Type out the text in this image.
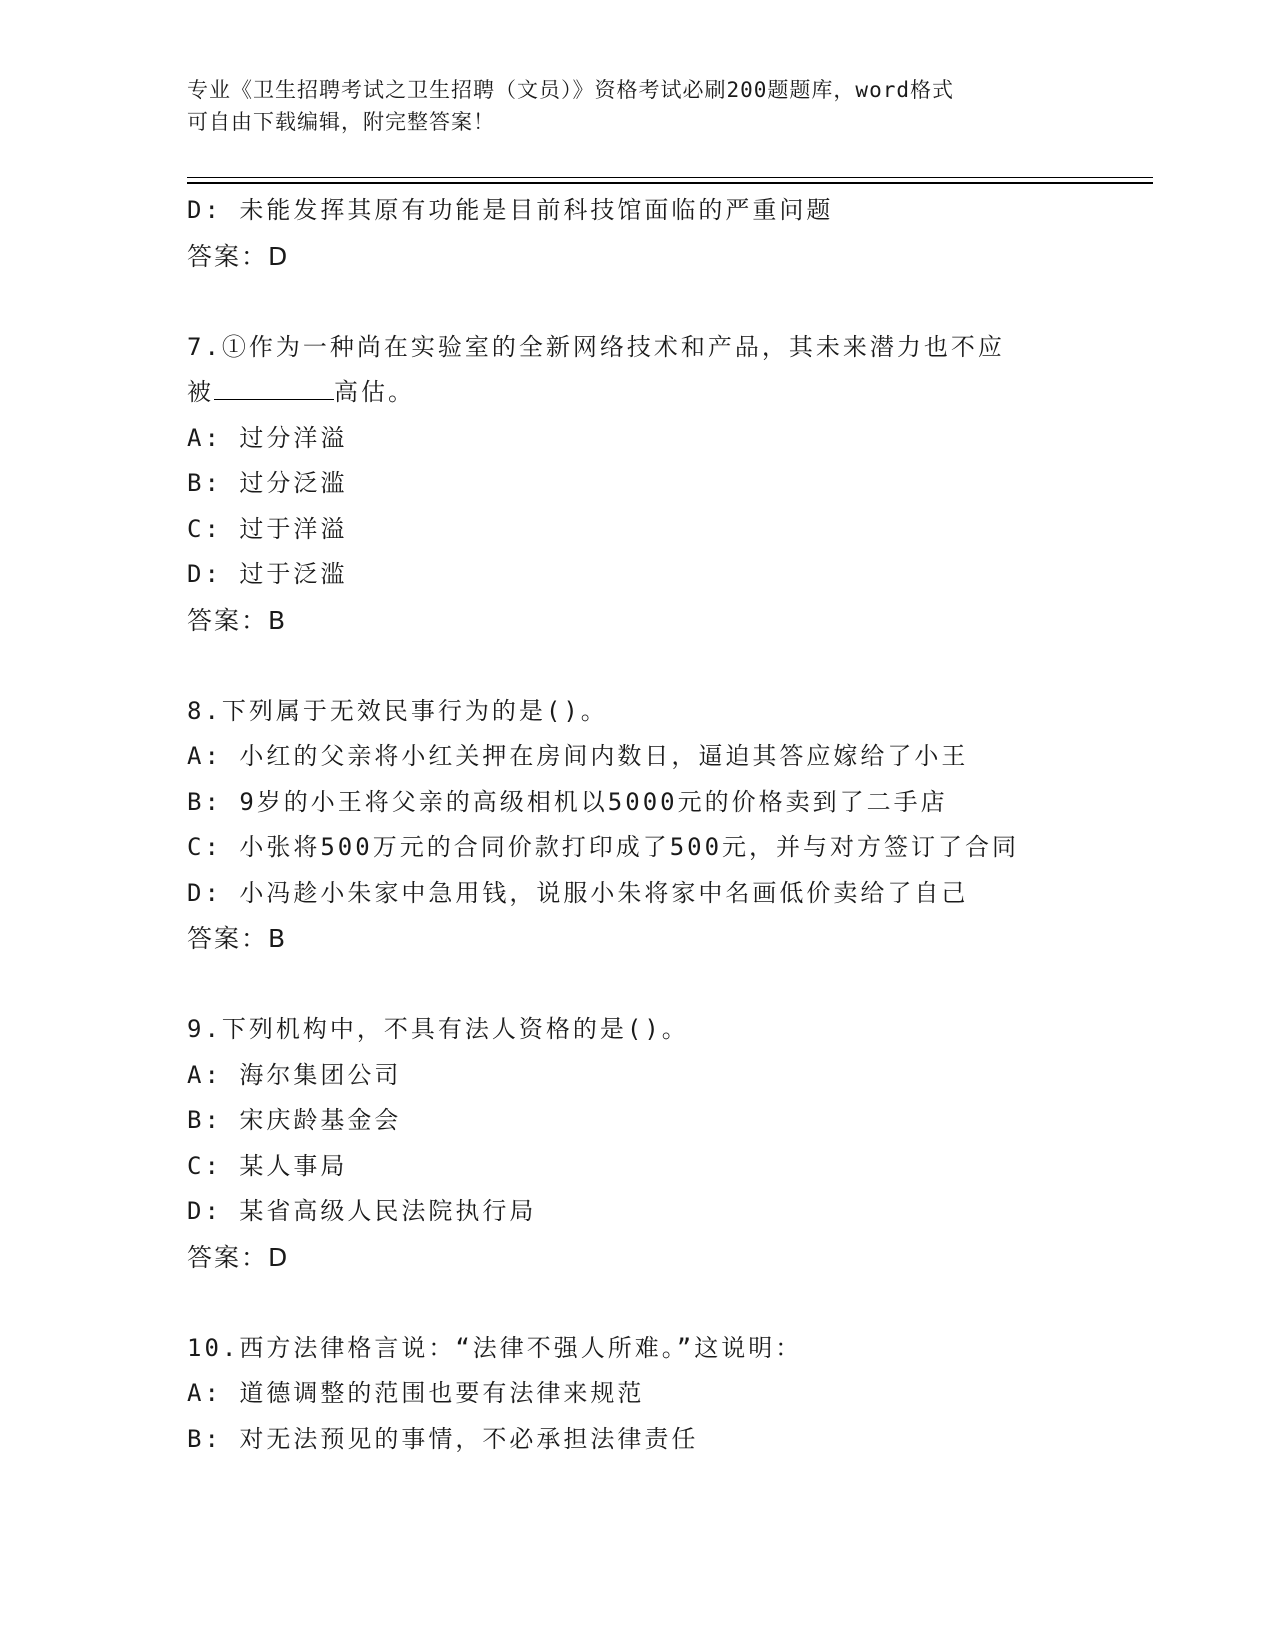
专业《卫生招聘考试之卫生招聘（文员）》资格考试必刷200题题库，word格式
可自由下载编辑，附完整答案！
D: 未能发挥其原有功能是目前科技馆面临的严重问题
答案：D
7.①作为一种尚在实验室的全新网络技术和产品，其未来潜力也不应
被	高估。
A: 过分洋溢
B: 过分泛滥
C: 过于洋溢
D: 过于泛滥
答案：B
8.下列属于无效民事行为的是()。
A: 小红的父亲将小红关押在房间内数日，逼迫其答应嫁给了小王
B: 9岁的小王将父亲的高级相机以5000元的价格卖到了二手店
C: 小张将500万元的合同价款打印成了500元，并与对方签订了合同
D: 小冯趁小朱家中急用钱，说服小朱将家中名画低价卖给了自己
答案：B
9.下列机构中，不具有法人资格的是()。
A: 海尔集团公司
B: 宋庆龄基金会
C: 某人事局
D: 某省高级人民法院执行局
答案：D
10.西方法律格言说：“法律不强人所难。”这说明：
A: 道德调整的范围也要有法律来规范
B: 对无法预见的事情，不必承担法律责任
